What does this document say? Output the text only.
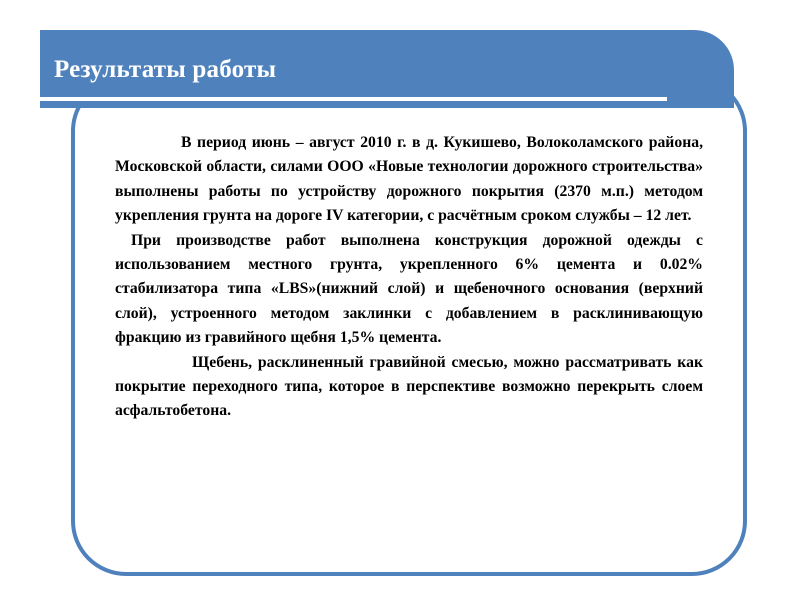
Результаты работы

В период июнь – август 2010 г. в д. Кукишево, Волоколамского района, Московской области, силами ООО «Новые технологии дорожного строительства» выполнены работы по устройству дорожного покрытия (2370 м.п.) методом укрепления грунта на дороге IV категории, с расчётным сроком службы – 12 лет.

При производстве работ выполнена конструкция дорожной одежды с использованием местного грунта, укрепленного 6% цемента и 0.02% стабилизатора типа «LBS»(нижний слой) и щебеночного основания (верхний слой), устроенного методом заклинки с добавлением в расклинивающую фракцию из гравийного щебня 1,5% цемента.

Щебень, расклиненный гравийной смесью, можно рассматривать как покрытие переходного типа, которое в перспективе возможно перекрыть слоем асфальтобетона.
